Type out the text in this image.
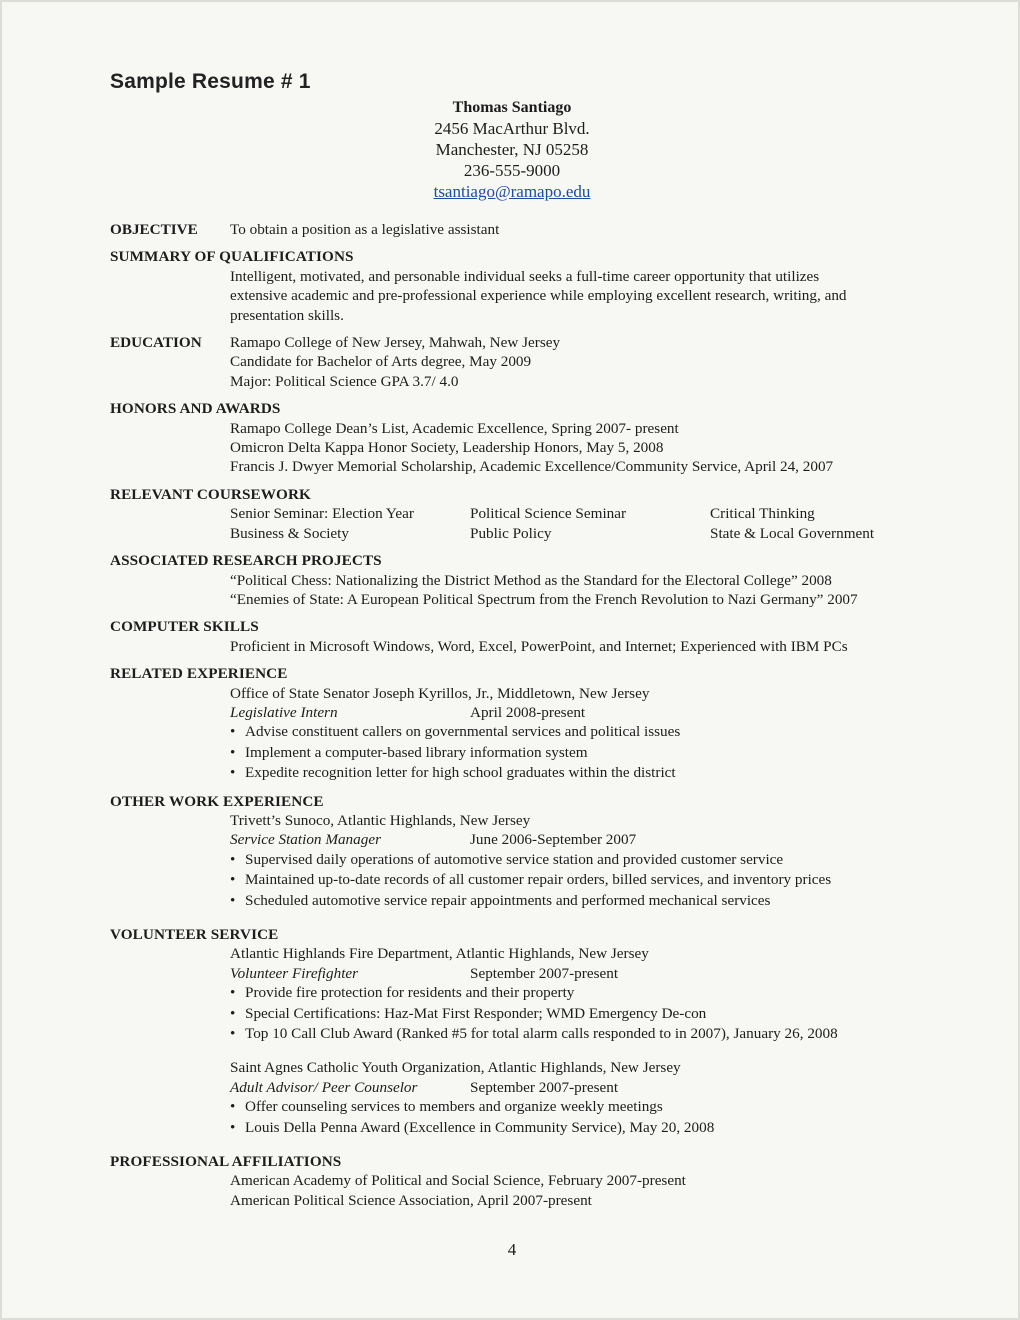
Sample Resume # 1
Thomas Santiago
2456 MacArthur Blvd.
Manchester, NJ 05258
236-555-9000
tsantiago@ramapo.edu
OBJECTIVE To obtain a position as a legislative assistant
SUMMARY OF QUALIFICATIONS
Intelligent, motivated, and personable individual seeks a full-time career opportunity that utilizes
extensive academic and pre-professional experience while employing excellent research, writing, and
presentation skills.
EDUCATION Ramapo College of New Jersey, Mahwah, New Jersey
Candidate for Bachelor of Arts degree, May 2009
Major: Political Science GPA 3.7/ 4.0
HONORS AND AWARDS
Ramapo College Dean’s List, Academic Excellence, Spring 2007- present
Omicron Delta Kappa Honor Society, Leadership Honors, May 5, 2008
Francis J. Dwyer Memorial Scholarship, Academic Excellence/Community Service, April 24, 2007
RELEVANT COURSEWORK
Senior Seminar: Election Year	Political Science Seminar	Critical Thinking
Business & Society	Public Policy	State & Local Government
ASSOCIATED RESEARCH PROJECTS
“Political Chess: Nationalizing the District Method as the Standard for the Electoral College” 2008
“Enemies of State: A European Political Spectrum from the French Revolution to Nazi Germany” 2007
COMPUTER SKILLS
Proficient in Microsoft Windows, Word, Excel, PowerPoint, and Internet; Experienced with IBM PCs
RELATED EXPERIENCE
Office of State Senator Joseph Kyrillos, Jr., Middletown, New Jersey
Legislative Intern	April 2008-present
• Advise constituent callers on governmental services and political issues
• Implement a computer-based library information system
• Expedite recognition letter for high school graduates within the district
OTHER WORK EXPERIENCE
Trivett’s Sunoco, Atlantic Highlands, New Jersey
Service Station Manager	June 2006-September 2007
• Supervised daily operations of automotive service station and provided customer service
• Maintained up-to-date records of all customer repair orders, billed services, and inventory prices
• Scheduled automotive service repair appointments and performed mechanical services
VOLUNTEER SERVICE
Atlantic Highlands Fire Department, Atlantic Highlands, New Jersey
Volunteer Firefighter	September 2007-present
• Provide fire protection for residents and their property
• Special Certifications: Haz-Mat First Responder; WMD Emergency De-con
• Top 10 Call Club Award (Ranked #5 for total alarm calls responded to in 2007), January 26, 2008
Saint Agnes Catholic Youth Organization, Atlantic Highlands, New Jersey
Adult Advisor/ Peer Counselor	September 2007-present
• Offer counseling services to members and organize weekly meetings
• Louis Della Penna Award (Excellence in Community Service), May 20, 2008
PROFESSIONAL AFFILIATIONS
American Academy of Political and Social Science, February 2007-present
American Political Science Association, April 2007-present
4
